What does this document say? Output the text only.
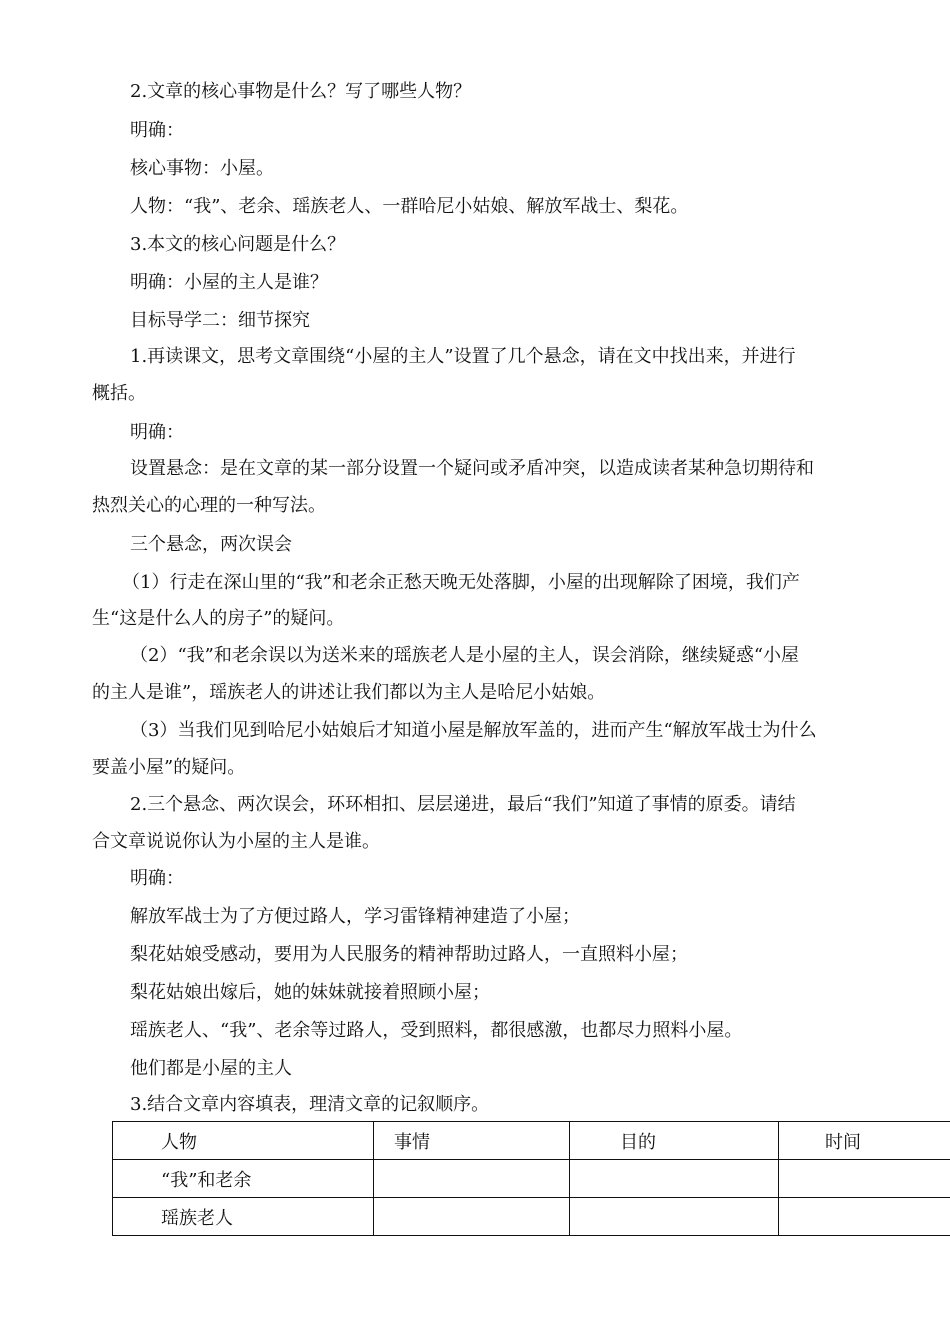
2.文章的核心事物是什么？写了哪些人物？
明确：
核心事物：小屋。
人物：“我”、老余、瑶族老人、一群哈尼小姑娘、解放军战士、梨花。
3.本文的核心问题是什么？
明确：小屋的主人是谁？
目标导学二：细节探究
1.再读课文，思考文章围绕“小屋的主人”设置了几个悬念，请在文中找出来，并进行
概括。
明确：
设置悬念：是在文章的某一部分设置一个疑问或矛盾冲突，以造成读者某种急切期待和
热烈关心的心理的一种写法。
三个悬念，两次误会
（1）行走在深山里的“我”和老余正愁天晚无处落脚，小屋的出现解除了困境，我们产
生“这是什么人的房子”的疑问。
（2）“我”和老余误以为送米来的瑶族老人是小屋的主人，误会消除，继续疑惑“小屋
的主人是谁”，瑶族老人的讲述让我们都以为主人是哈尼小姑娘。
（3）当我们见到哈尼小姑娘后才知道小屋是解放军盖的，进而产生“解放军战士为什么
要盖小屋”的疑问。
2.三个悬念、两次误会，环环相扣、层层递进，最后“我们”知道了事情的原委。请结
合文章说说你认为小屋的主人是谁。
明确：
解放军战士为了方便过路人，学习雷锋精神建造了小屋；
梨花姑娘受感动，要用为人民服务的精神帮助过路人，一直照料小屋；
梨花姑娘出嫁后，她的妹妹就接着照顾小屋；
瑶族老人、“我”、老余等过路人，受到照料，都很感激，也都尽力照料小屋。
他们都是小屋的主人
3.结合文章内容填表，理清文章的记叙顺序。
人物	事情	目的	时间
“我”和老余			
瑶族老人			
